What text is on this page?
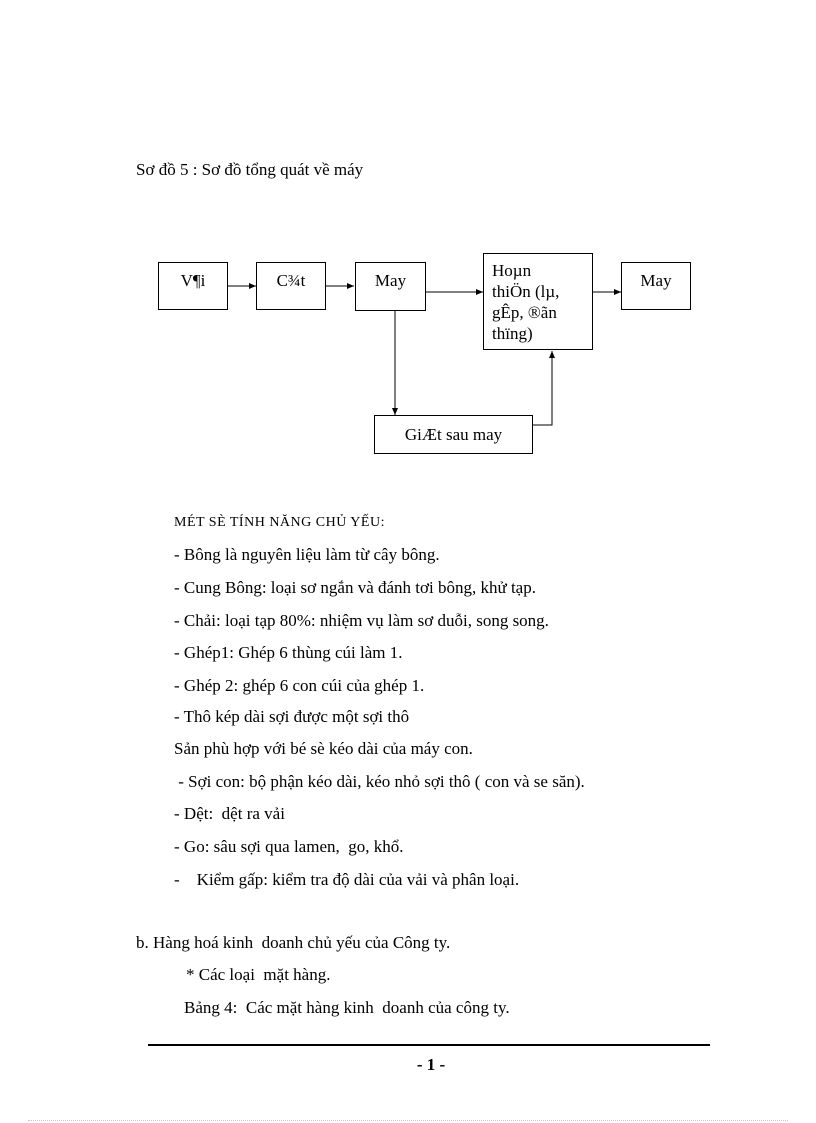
Sơ đồ 5 : Sơ đồ tổng quát về máy
V¶i	C¾t	May
Hoµn
thiÖn (lµ,
gÊp, ®ãn
thïng)
May
GiÆt sau may
MÉT SÈ TÍNH NĂNG CHỦ YẾU:
- Bông là nguyên liệu làm từ cây bông.
- Cung Bông: loại sơ ngắn và đánh tơi bông, khử tạp.
- Chải: loại tạp 80%: nhiệm vụ làm sơ duỗi, song song.
- Ghép1: Ghép 6 thùng cúi làm 1.
- Ghép 2: ghép 6 con cúi của ghép 1.
- Thô kép dài sợi được một sợi thô
Sản phù hợp với bé sè kéo dài của máy con.
- Sợi con: bộ phận kéo dài, kéo nhỏ sợi thô ( con và se săn).
- Dệt:  dệt ra vải
- Go: sâu sợi qua lamen,  go, khổ.
-    Kiểm gấp: kiểm tra độ dài của vải và phân loại.
b. Hàng hoá kinh  doanh chủ yếu của Công ty.
* Các loại  mặt hàng.
Bảng 4:  Các mặt hàng kinh  doanh của công ty.
- 1 -
